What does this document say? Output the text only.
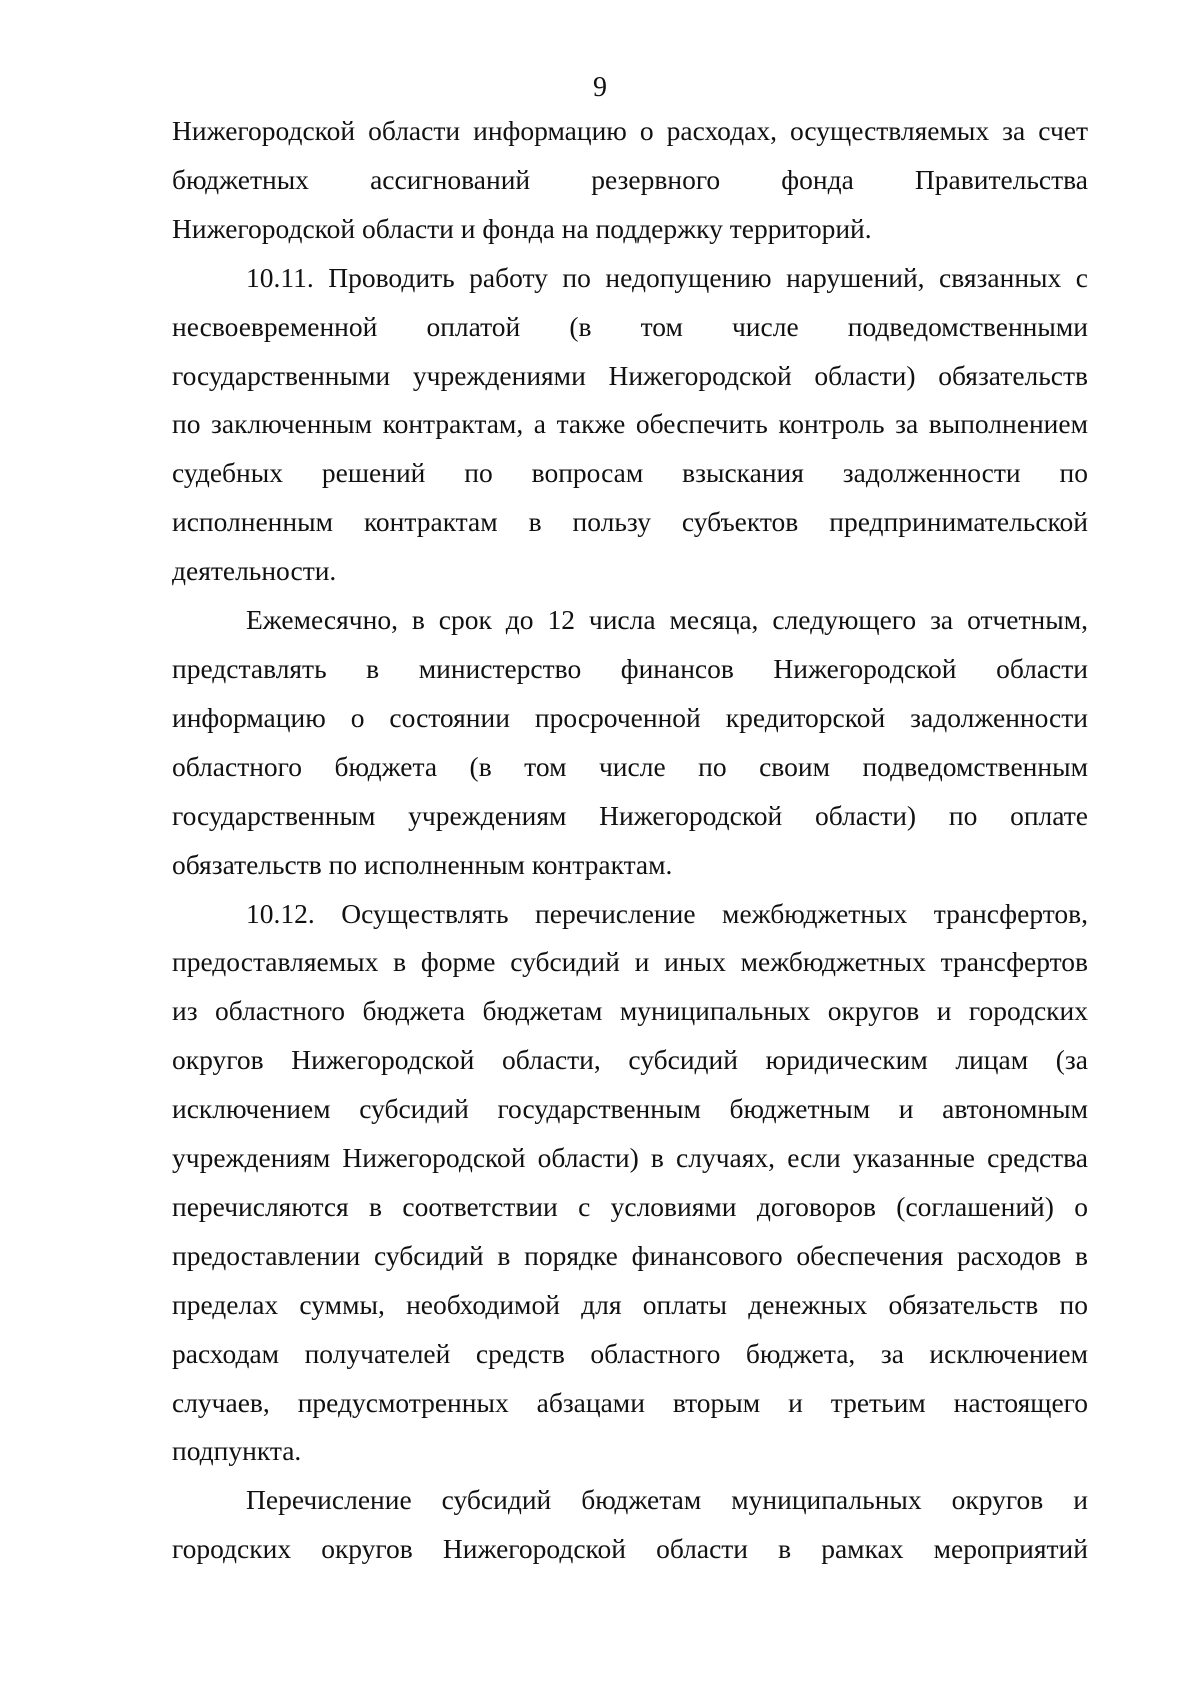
9

Нижегородской области информацию о расходах, осуществляемых за счет
бюджетных ассигнований резервного фонда Правительства
Нижегородской области и фонда на поддержку территорий.

10.11. Проводить работу по недопущению нарушений, связанных с
несвоевременной оплатой (в том числе подведомственными
государственными учреждениями Нижегородской области) обязательств
по заключенным контрактам, а также обеспечить контроль за выполнением
судебных решений по вопросам взыскания задолженности по
исполненным контрактам в пользу субъектов предпринимательской
деятельности.

Ежемесячно, в срок до 12 числа месяца, следующего за отчетным,
представлять в министерство финансов Нижегородской области
информацию о состоянии просроченной кредиторской задолженности
областного бюджета (в том числе по своим подведомственным
государственным учреждениям Нижегородской области) по оплате
обязательств по исполненным контрактам.

10.12. Осуществлять перечисление межбюджетных трансфертов,
предоставляемых в форме субсидий и иных межбюджетных трансфертов
из областного бюджета бюджетам муниципальных округов и городских
округов Нижегородской области, субсидий юридическим лицам (за
исключением субсидий государственным бюджетным и автономным
учреждениям Нижегородской области) в случаях, если указанные средства
перечисляются в соответствии с условиями договоров (соглашений) о
предоставлении субсидий в порядке финансового обеспечения расходов в
пределах суммы, необходимой для оплаты денежных обязательств по
расходам получателей средств областного бюджета, за исключением
случаев, предусмотренных абзацами вторым и третьим настоящего
подпункта.

Перечисление субсидий бюджетам муниципальных округов и
городских округов Нижегородской области в рамках мероприятий
